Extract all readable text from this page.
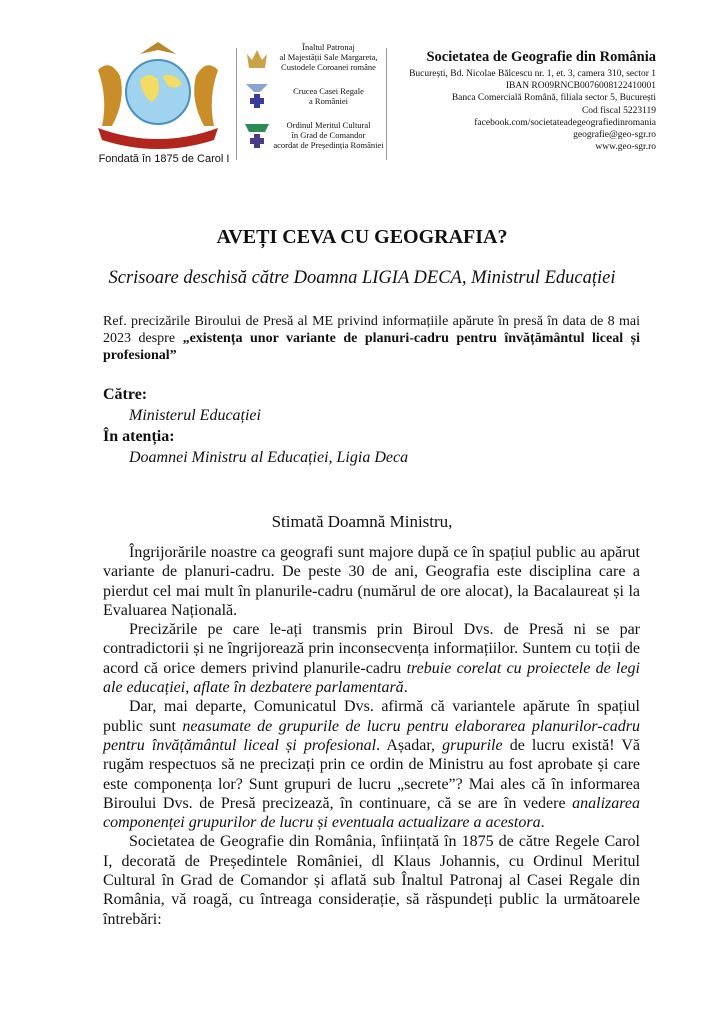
Fondată în 1875 de Carol I
Înaltul Patronaj
al Majestății Sale Margareta,
Custodele Coroanei române
Crucea Casei Regale
a României
Ordinul Meritul Cultural
în Grad de Comandor
acordat de Președinția României
Societatea de Geografie din România
București, Bd. Nicolae Bălcescu nr. 1, et. 3, camera 310, sector 1
IBAN RO09RNCB0076008122410001
Banca Comercială Română, filiala sector 5, București
Cod fiscal 5223119
facebook.com/societateadegeografiedinromania
geografie@geo-sgr.ro
www.geo-sgr.ro
AVEȚI CEVA CU GEOGRAFIA?
Scrisoare deschisă către Doamna LIGIA DECA, Ministrul Educației
Ref. precizările Biroului de Presă al ME privind informațiile apărute în presă în data de 8 mai 2023 despre „existența unor variante de planuri-cadru pentru învățământul liceal și profesional”
Către:
Ministerul Educației
În atenția:
Doamnei Ministru al Educației, Ligia Deca
Stimată Doamnă Ministru,

Îngrijorările noastre ca geografi sunt majore după ce în spațiul public au apărut variante de planuri-cadru. De peste 30 de ani, Geografia este disciplina care a pierdut cel mai mult în planurile-cadru (numărul de ore alocat), la Bacalaureat și la Evaluarea Națională.

Precizările pe care le-ați transmis prin Biroul Dvs. de Presă ni se par contradictorii și ne îngrijorează prin inconsecvența informațiilor. Suntem cu toții de acord că orice demers privind planurile-cadru trebuie corelat cu proiectele de legi ale educației, aflate în dezbatere parlamentară.

Dar, mai departe, Comunicatul Dvs. afirmă că variantele apărute în spațiul public sunt neasumate de grupurile de lucru pentru elaborarea planurilor-cadru pentru învățământul liceal și profesional. Așadar, grupurile de lucru există! Vă rugăm respectuos să ne precizați prin ce ordin de Ministru au fost aprobate și care este componența lor? Sunt grupuri de lucru „secrete”? Mai ales că în informarea Biroului Dvs. de Presă precizează, în continuare, că se are în vedere analizarea componenței grupurilor de lucru și eventuala actualizare a acestora.

Societatea de Geografie din România, înființată în 1875 de către Regele Carol I, decorată de Președintele României, dl Klaus Johannis, cu Ordinul Meritul Cultural în Grad de Comandor și aflată sub Înaltul Patronaj al Casei Regale din România, vă roagă, cu întreaga considerație, să răspundeți public la următoarele întrebări:
